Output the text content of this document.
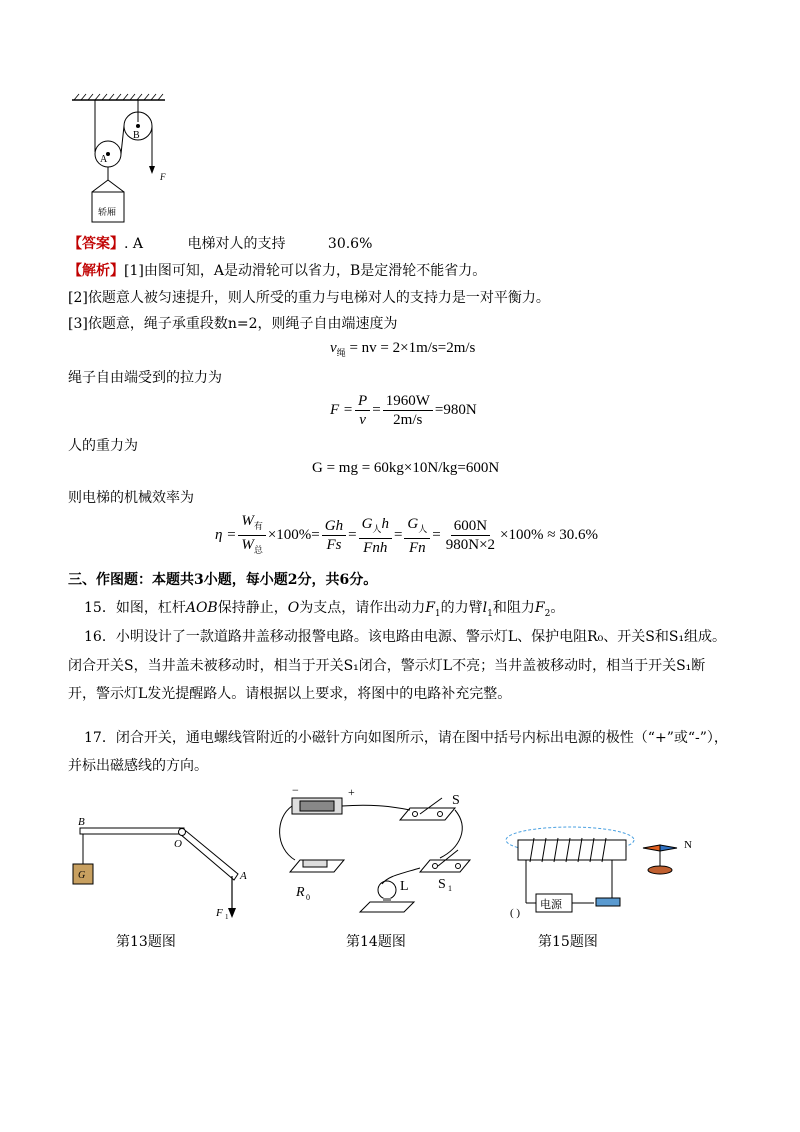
B
A
F
轿厢
【答案】. A	电梯对人的支持	30.6%
【解析】[1]由图可知，A是动滑轮可以省力，B是定滑轮不能省力。
[2]依题意人被匀速提升，则人所受的重力与电梯对人的支持力是一对平衡力。
[3]依题意，绳子承重段数n=2，则绳子自由端速度为
$v_绳$ = nv = 2×1m/s=2m/s
绳子自由端受到的拉力为
$F = \frac{P}{v} = \frac{1960W}{2m/s} =980N$
人的重力为
G = mg = 60kg×10N/kg=600N
则电梯的机械效率为
$\eta = \frac{W_有}{W_总} \times 100\%= \frac{Gh}{Fs} = \frac{G_人h}{\text{Fnh}} = \frac{G_人}{Fn} = \frac{600N}{980N\times 2} \times 100\% \approx 30.6\%$
三、作图题：本题共3小题，每小题2分，共6分。
15．如图，杠杆AOB保持静止，O为支点，请作出动力$F_1$的力臂$l_1$和阻力$F_2$。
16．小明设计了一款道路井盖移动报警电路。该电路由电源、警示灯L、保护电阻R₀、开关S和S₁组成。
闭合开关S，当井盖未被移动时，相当于开关S₁闭合，警示灯L不亮；当井盖被移动时，相当于开关S₁断
开，警示灯L发光提醒路人。请根据以上要求，将图中的电路补充完整。
17．闭合开关，通电螺线管附近的小磁针方向如图所示，请在图中括号内标出电源的极性（“+”或“-”），
并标出磁感线的方向。
B
O
A
G
F 1
第13题图
−	+
S
S 1
R 0
L
第14题图
N
电源
( )
第15题图
